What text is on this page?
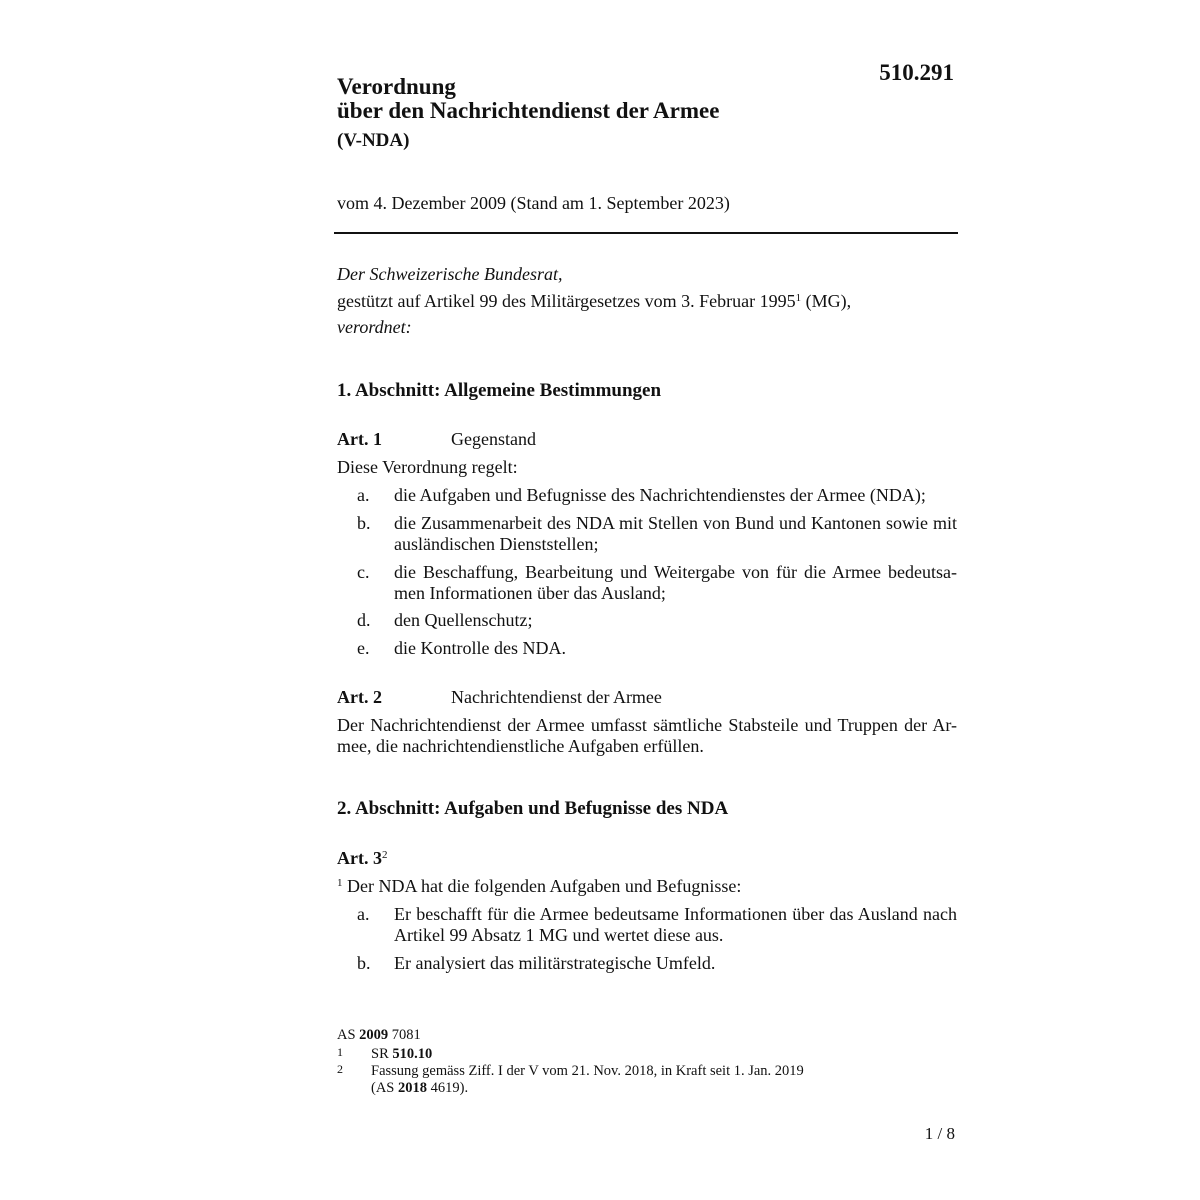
510.291
Verordnung
über den Nachrichtendienst der Armee
(V-NDA)
vom 4. Dezember 2009 (Stand am 1. September 2023)
Der Schweizerische Bundesrat,
gestützt auf Artikel 99 des Militärgesetzes vom 3. Februar 1995$^1$ (MG),
verordnet:
1. Abschnitt: Allgemeine Bestimmungen
Art. 1	Gegenstand
Diese Verordnung regelt:
a.	die Aufgaben und Befugnisse des Nachrichtendienstes der Armee (NDA);
b.	die Zusammenarbeit des NDA mit Stellen von Bund und Kantonen sowie mit ausländischen Dienststellen;
c.	die Beschaffung, Bearbeitung und Weitergabe von für die Armee bedeutsa-men Informationen über das Ausland;
d.	den Quellenschutz;
e.	die Kontrolle des NDA.
Art. 2	Nachrichtendienst der Armee
Der Nachrichtendienst der Armee umfasst sämtliche Stabsteile und Truppen der Ar-mee, die nachrichtendienstliche Aufgaben erfüllen.
2. Abschnitt: Aufgaben und Befugnisse des NDA
Art. $3^2$
$^1$ Der NDA hat die folgenden Aufgaben und Befugnisse:
a.	Er beschafft für die Armee bedeutsame Informationen über das Ausland nach Artikel 99 Absatz 1 MG und wertet diese aus.
b.	Er analysiert das militärstrategische Umfeld.
AS 2009 7081
1 SR 510.10
2 Fassung gemäss Ziff. I der V vom 21. Nov. 2018, in Kraft seit 1. Jan. 2019
(AS 2018 4619).
1 / 8
